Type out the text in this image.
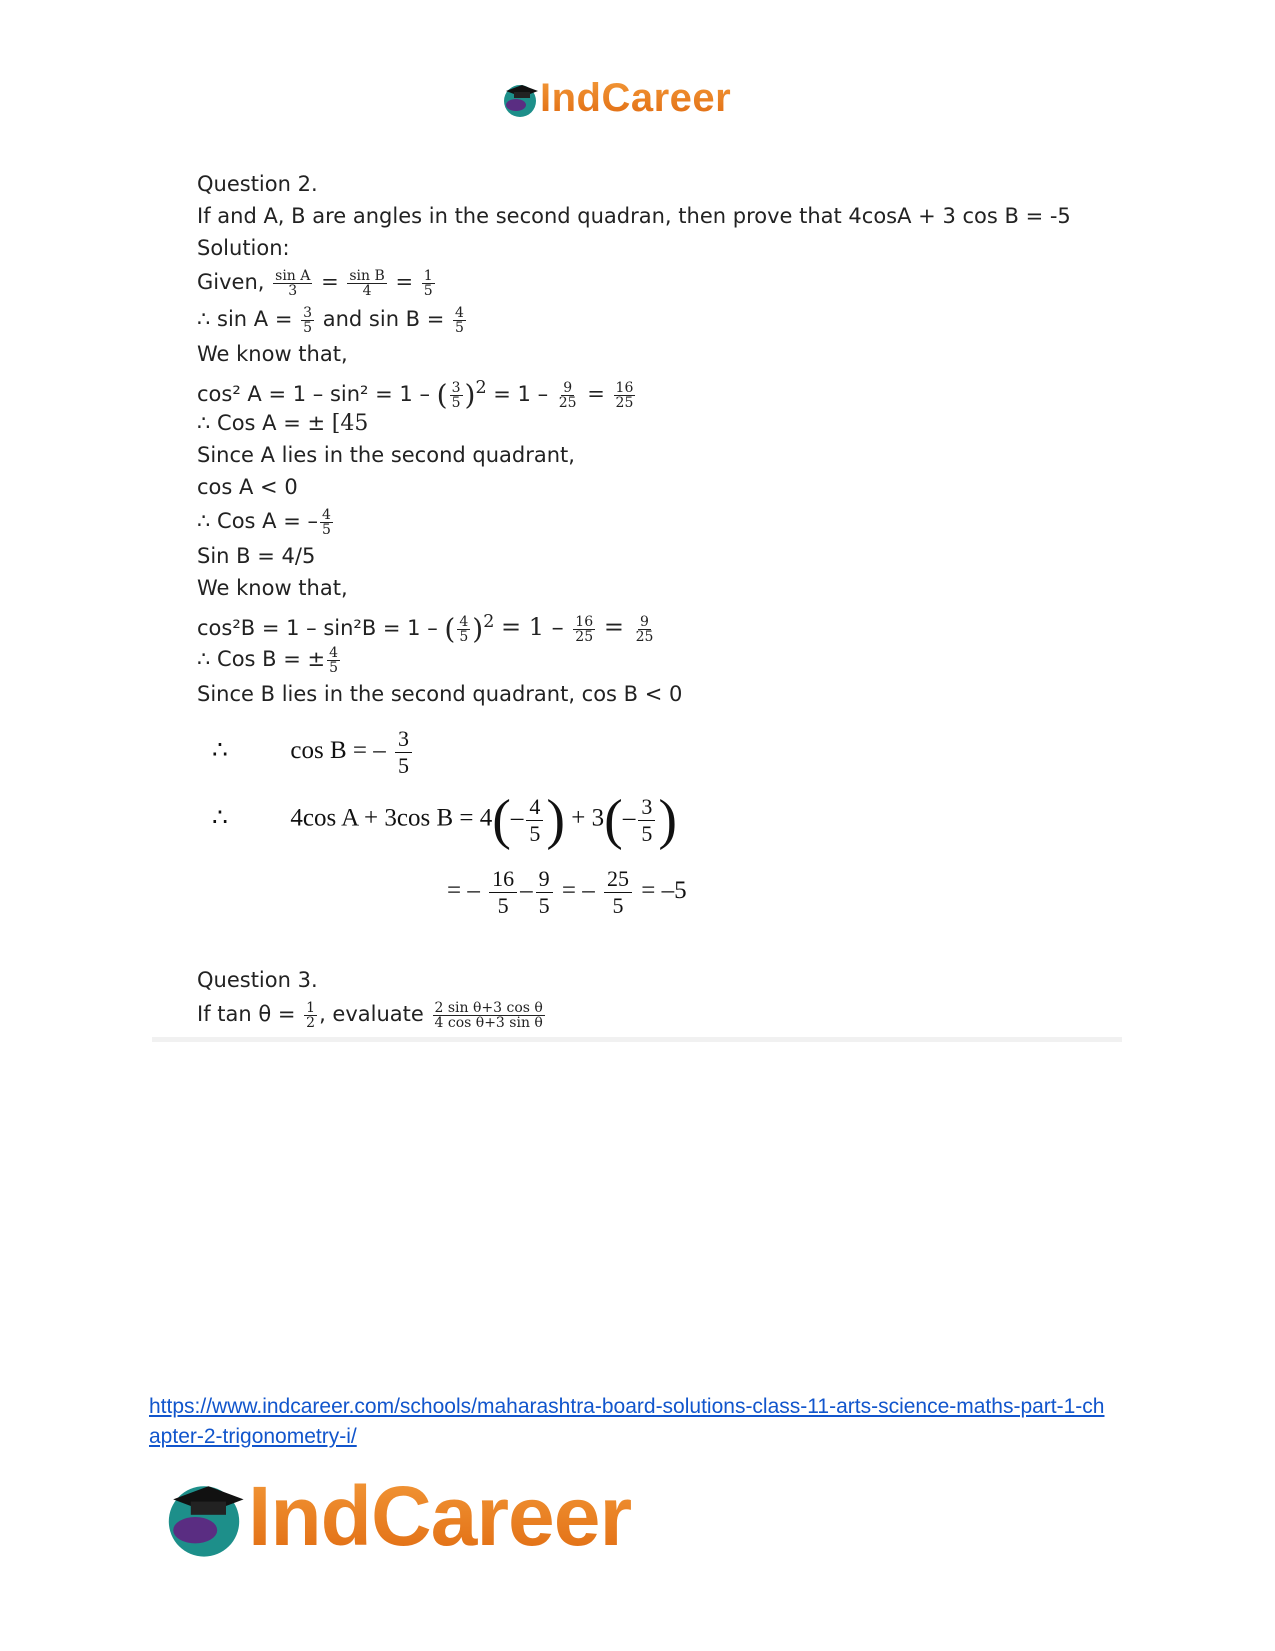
IndCareer
Question 2.
If and A, B are angles in the second quadran, then prove that 4cosA + 3 cos B = -5
Solution:
Given, $\frac{\text{sin A}}{3} = \frac{\text{sin B}}{4} = \frac{1}{5}$
∴ $\sin A = \frac{3}{5}$ and $\sin B = \frac{4}{5}$
We know that,
cos² A = 1 – sin² = 1 – ( $\frac{3}{5} )^2 = 1 - \frac{9}{25} = \frac{16}{25}$
∴ Cos A = ± [45
Since A lies in the second quadrant,
cos A < 0
∴ Cos A = – $\frac{4}{5}$
Sin B = 4/5
We know that,
cos²B = 1 – sin²B = 1 – ( $\frac{4}{5} )^2 = 1 - \frac{16}{25} = \frac{9}{25}$
∴ Cos B = ± $\frac{4}{5}$
Since B lies in the second quadrant, cos B < 0
∴	cos B = – $\frac{3}{5}$
∴	4cos A + 3cos $B = 4(- \frac{4}{5}$ ) + $3(- \frac{3}{5}$ )
= – $\frac{16}{5} - \frac{9}{5}$ = – $\frac{25}{5} = -5$
Question 3.
If $\tan \theta = \frac{1}{2}$ , evaluate $\frac{\text{2 sin θ+3 cos θ}}{\text{4 cos θ+3 sin θ}}$
https://www.indcareer.com/schools/maharashtra-board-solutions-class-11-arts-science-maths-part-1-chapter-2-trigonometry-i/
IndCareer
